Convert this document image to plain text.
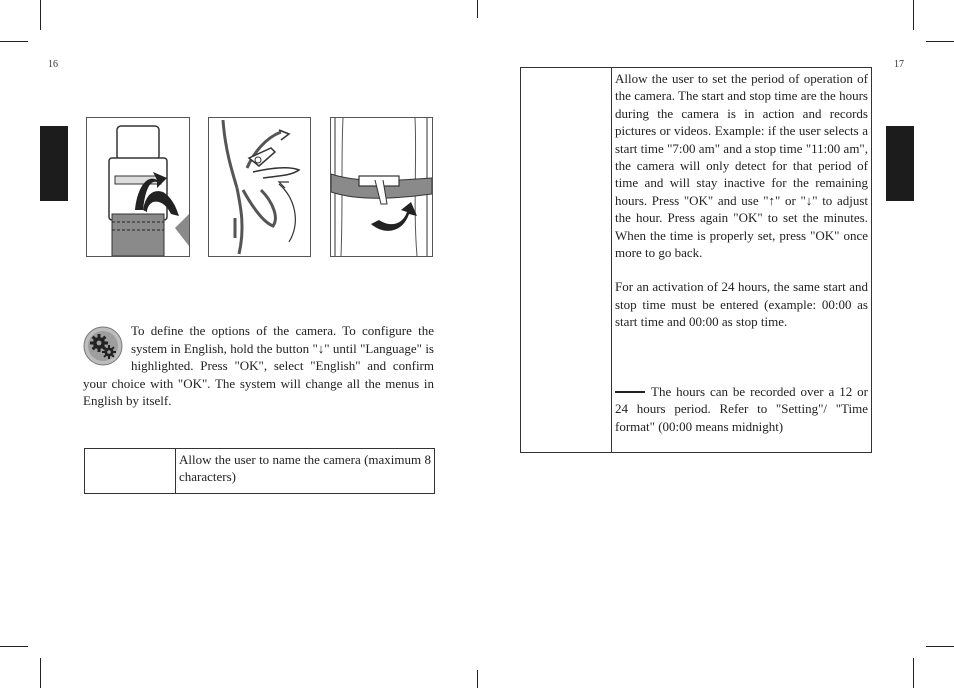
16	17
To define the options of the camera. To configure the system in English, hold the button "↓" until "Language" is highlighted. Press "OK", select "English" and confirm your choice with "OK". The system will change all the menus in English by itself.
Allow the user to name the camera (maximum 8 characters)

Allow the user to set the period of operation of the camera. The start and stop time are the hours during the camera is in action and records pictures or videos. Example: if the user selects a start time "7:00 am" and a stop time "11:00 am", the camera will only detect for that period of time and will stay inactive for the remaining hours. Press "OK" and use "↑" or "↓" to adjust the hour. Press again "OK" to set the minutes. When the time is properly set, press "OK" once more to go back.

For an activation of 24 hours, the same start and stop time must be entered (example: 00:00 as start time and 00:00 as stop time.

The hours can be recorded over a 12 or 24 hours period. Refer to "Setting"/ "Time format" (00:00 means midnight)
